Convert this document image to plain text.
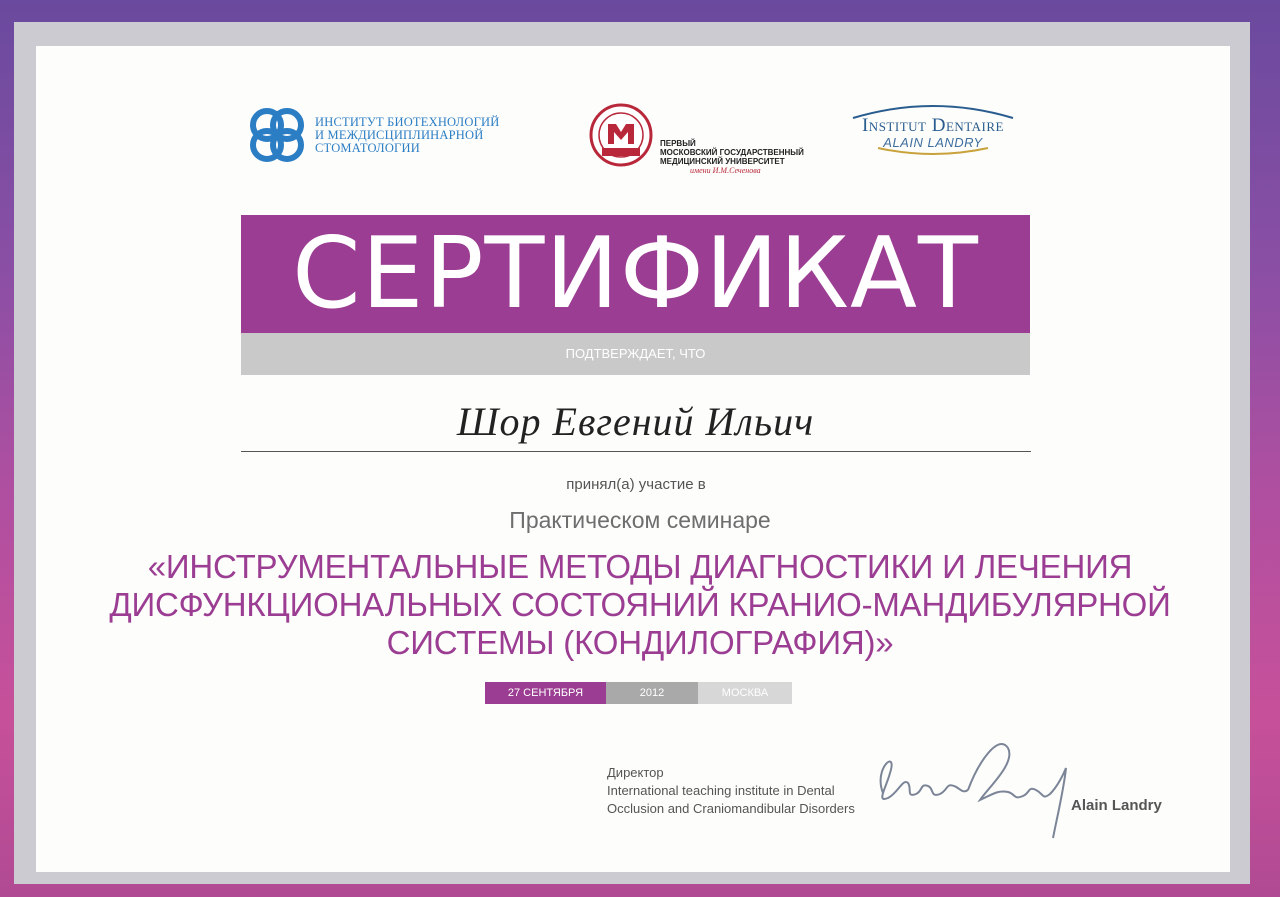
ИНСТИТУТ БИОТЕХНОЛОГИЙ
И МЕЖДИСЦИПЛИНАРНОЙ
СТОМАТОЛОГИИ	ПЕРВЫЙ
МОСКОВСКИЙ ГОСУДАРСТВЕННЫЙ
МЕДИЦИНСКИЙ УНИВЕРСИТЕТ
имени И.М.Сеченова
Institut Dentaire
ALAIN LANDRY
СЕРТИФИКАТ
ПОДТВЕРЖДАЕТ, ЧТО
Шор Евгений Ильич
принял(а) участие в
Практическом семинаре
«ИНСТРУМЕНТАЛЬНЫЕ МЕТОДЫ ДИАГНОСТИКИ И ЛЕЧЕНИЯ
ДИСФУНКЦИОНАЛЬНЫХ СОСТОЯНИЙ КРАНИО-МАНДИБУЛЯРНОЙ
СИСТЕМЫ (КОНДИЛОГРАФИЯ)»
27 СЕНТЯБРЯ	2012	МОСКВА
Директор
International teaching institute in Dental
Occlusion and Craniomandibular Disorders	Alain Landry
